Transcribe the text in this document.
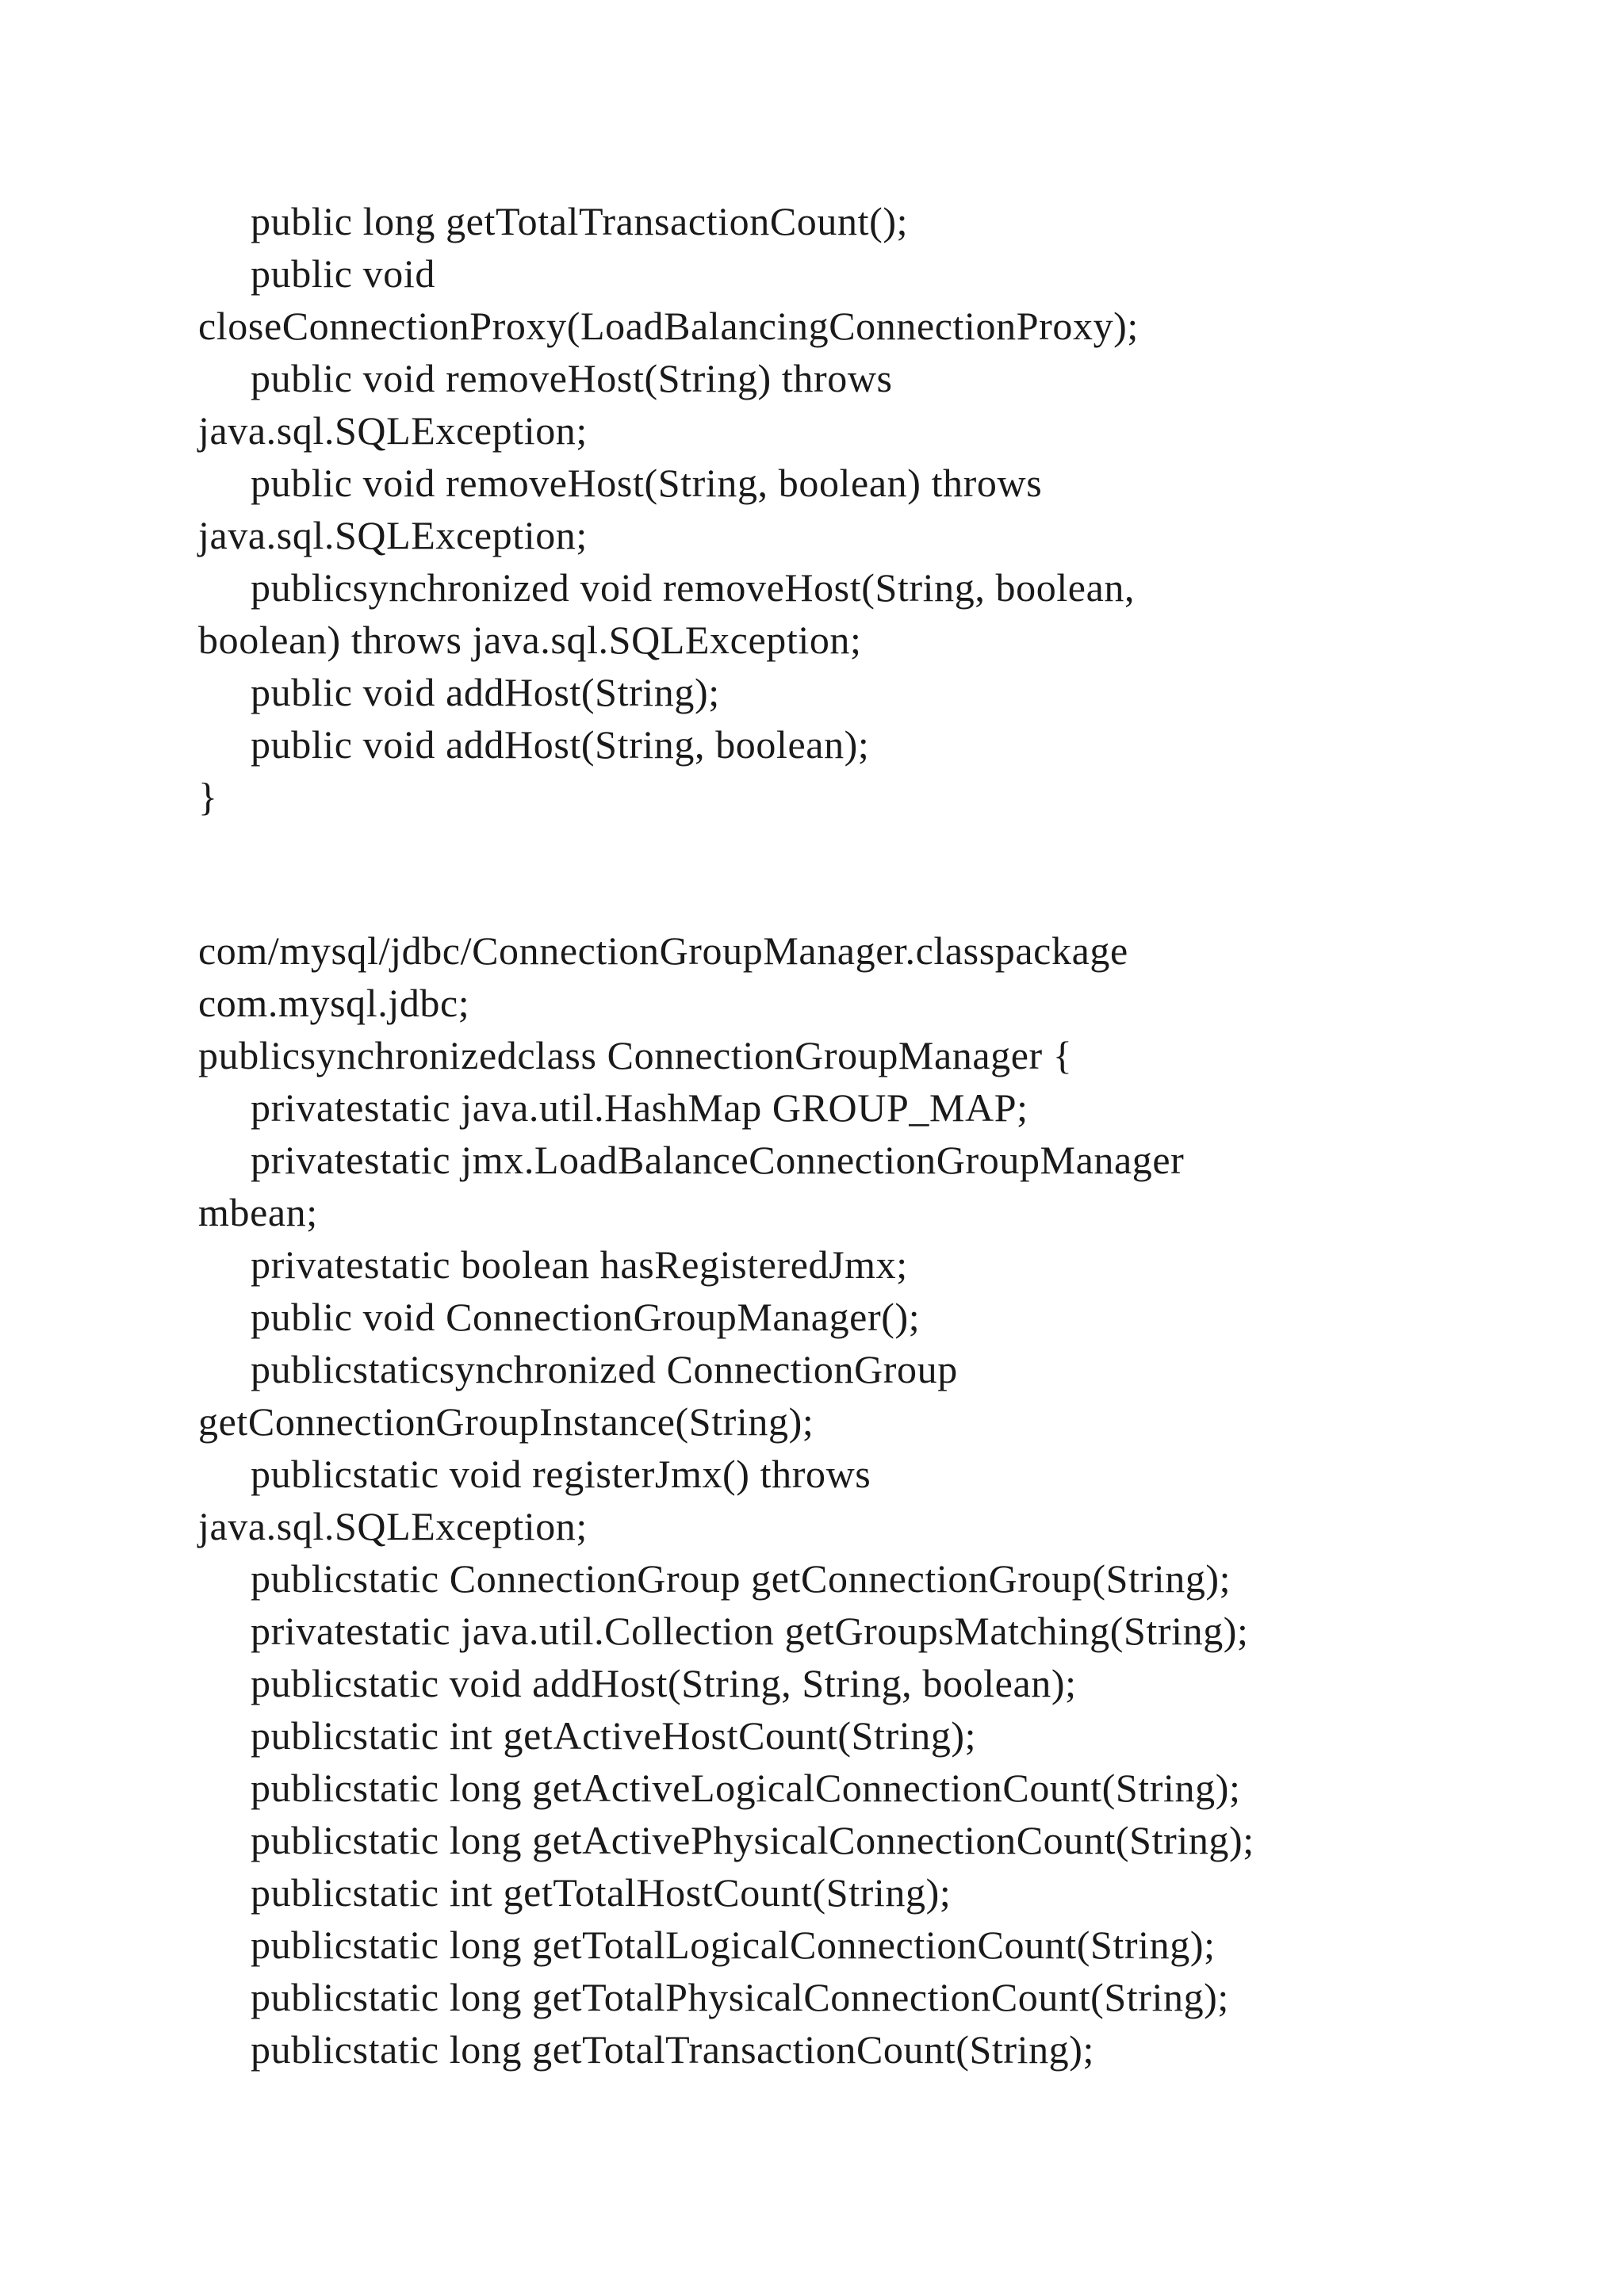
public long getTotalTransactionCount();
public void
closeConnectionProxy(LoadBalancingConnectionProxy);
public void removeHost(String) throws
java.sql.SQLException;
public void removeHost(String, boolean) throws
java.sql.SQLException;
publicsynchronized void removeHost(String, boolean,
boolean) throws java.sql.SQLException;
public void addHost(String);
public void addHost(String, boolean);
}
com/mysql/jdbc/ConnectionGroupManager.classpackage
com.mysql.jdbc;
publicsynchronizedclass ConnectionGroupManager {
privatestatic java.util.HashMap GROUP_MAP;
privatestatic jmx.LoadBalanceConnectionGroupManager
mbean;
privatestatic boolean hasRegisteredJmx;
public void ConnectionGroupManager();
publicstaticsynchronized ConnectionGroup
getConnectionGroupInstance(String);
publicstatic void registerJmx() throws
java.sql.SQLException;
publicstatic ConnectionGroup getConnectionGroup(String);
privatestatic java.util.Collection getGroupsMatching(String);
publicstatic void addHost(String, String, boolean);
publicstatic int getActiveHostCount(String);
publicstatic long getActiveLogicalConnectionCount(String);
publicstatic long getActivePhysicalConnectionCount(String);
publicstatic int getTotalHostCount(String);
publicstatic long getTotalLogicalConnectionCount(String);
publicstatic long getTotalPhysicalConnectionCount(String);
publicstatic long getTotalTransactionCount(String);
